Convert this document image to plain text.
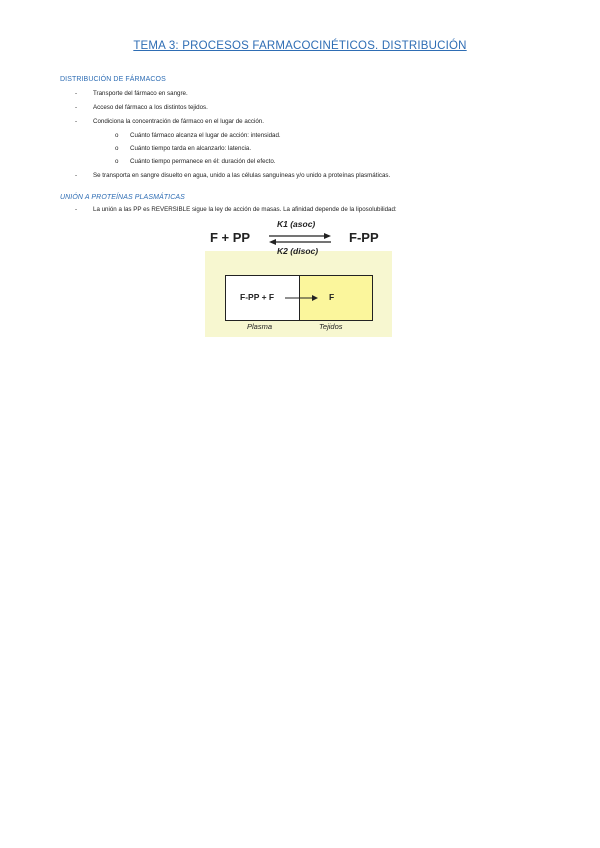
TEMA 3: PROCESOS FARMACOCINÉTICOS. DISTRIBUCIÓN
DISTRIBUCIÓN DE FÁRMACOS
-	Transporte del fármaco en sangre.
-	Acceso del fármaco a los distintos tejidos.
-	Condiciona la concentración de fármaco en el lugar de acción.
o Cuánto fármaco alcanza el lugar de acción: intensidad.
o Cuánto tiempo tarda en alcanzarlo: latencia.
o Cuánto tiempo permanece en él: duración del efecto.
-	Se transporta en sangre disuelto en agua, unido a las células sanguíneas y/o unido a proteínas plasmáticas.
UNIÓN A PROTEÍNAS PLASMÁTICAS
-	La unión a las PP es REVERSIBLE sigue la ley de acción de masas. La afinidad depende de la liposolubilidad:
F + PP
K1 (asoc)
K2 (disoc)
F-PP
F-PP + F	F
Plasma	Tejidos
